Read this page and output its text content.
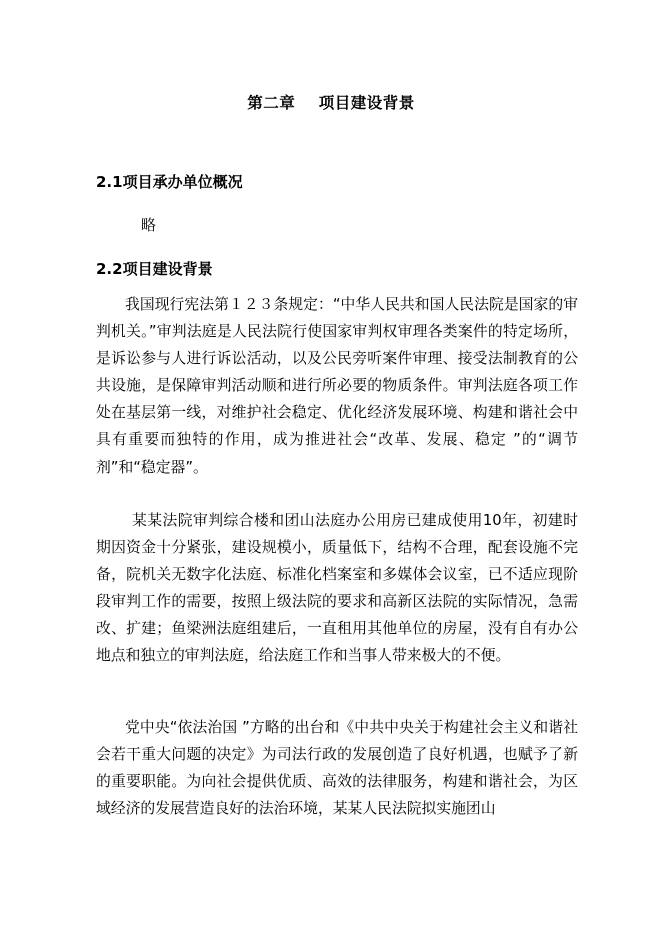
第二章    项目建设背景
2.1项目承办单位概况
略
2.2项目建设背景
我国现行宪法第１２３条规定：“中华人民共和国人民法院是国家的审判机关。”审判法庭是人民法院行使国家审判权审理各类案件的特定场所，是诉讼参与人进行诉讼活动，以及公民旁听案件审理、接受法制教育的公共设施，是保障审判活动顺和进行所必要的物质条件。审判法庭各项工作处在基层第一线，对维护社会稳定、优化经济发展环境、构建和谐社会中具有重要而独特的作用，成为推进社会“改革、发展、稳定 ”的“调节剂”和“稳定器”。
某某法院审判综合楼和团山法庭办公用房已建成使用10年，初建时期因资金十分紧张，建设规模小，质量低下，结构不合理，配套设施不完备，院机关无数字化法庭、标准化档案室和多媒体会议室，已不适应现阶段审判工作的需要，按照上级法院的要求和高新区法院的实际情况，急需改、扩建；鱼梁洲法庭组建后，一直租用其他单位的房屋，没有自有办公地点和独立的审判法庭，给法庭工作和当事人带来极大的不便。
党中央“依法治国 ”方略的出台和《中共中央关于构建社会主义和谐社会若干重大问题的决定》为司法行政的发展创造了良好机遇，也赋予了新的重要职能。为向社会提供优质、高效的法律服务，构建和谐社会，为区域经济的发展营造良好的法治环境，某某人民法院拟实施团山
